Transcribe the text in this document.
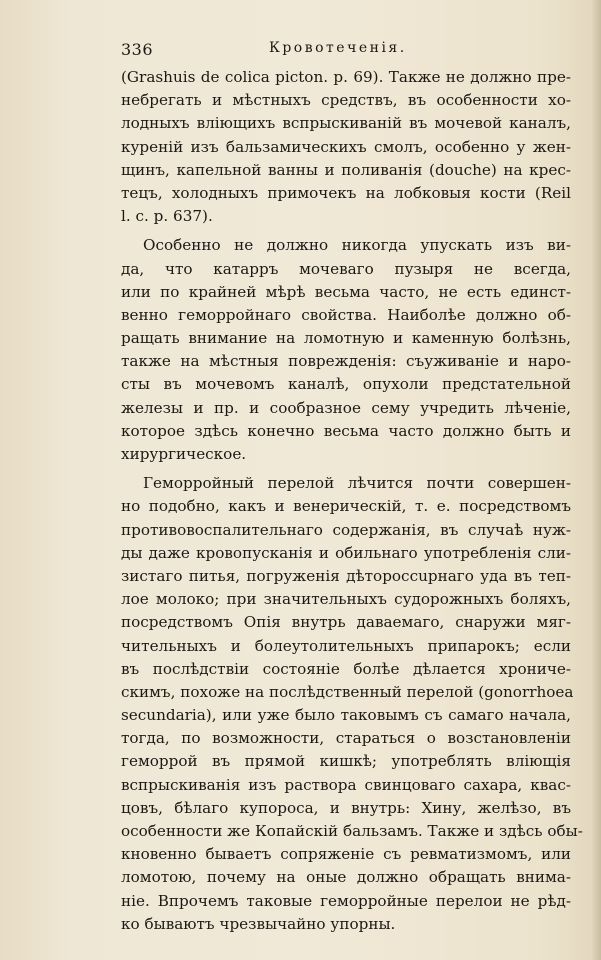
336	Кровотеченія.
(Grashuis de colica picton. p. 69). Также не должно пре-
небрегать и мѣстныхъ средствъ, въ особенности хо-
лодныхъ вліющихъ вспрыскиваній въ мочевой каналъ,
куреній изъ бальзамическихъ смолъ, особенно у жен-
щинъ, капельной ванны и поливанія (douche) на крес-
тецъ, холодныхъ примочекъ на лобковыя кости (Reil
l. c. p. 637).
Особенно не должно никогда упускать изъ ви-
да, что катарръ мочеваго пузыря не всегда,
или по крайней мѣрѣ весьма часто, не есть единст-
венно геморройнаго свойства. Наиболѣе должно об-
ращать внимание на ломотную и каменную болѣзнь,
также на мѣстныя поврежденія: съуживаніе и наро-
сты въ мочевомъ каналѣ, опухоли предстательной
железы и пр. и сообразное сему учредить лѣченіе,
которое здѣсь конечно весьма часто должно быть и
хирургическое.
Геморройный перелой лѣчится почти совершен-
но подобно, какъ и венерическій, т. е. посредствомъ
противовоспалительнаго содержанія, въ случаѣ нуж-
ды даже кровопусканія и обильнаго употребленія сли-
зистаго питья, погруженія дѣторoccupнаго уда въ теп-
лое молоко; при значительныхъ судорожныхъ боляхъ,
посредствомъ Опія внутрь даваемаго, снаружи мяг-
чительныхъ и болеутолительныхъ припарокъ; если
въ послѣдствіи состояніе болѣе дѣлается хрониче-
скимъ, похоже на послѣдственный перелой (gonorrhoea
secundaria), или уже было таковымъ съ самаго начала,
тогда, по возможности, стараться о возстановленіи
геморрой въ прямой кишкѣ; употреблять вліющія
вспрыскиванія изъ раствора свинцоваго сахара, квас-
цовъ, бѣлаго купороса, и внутрь: Хину, желѣзо, въ
особенности же Копайскій бальзамъ. Также и здѣсь обы-
кновенно бываетъ сопряженіе съ ревматизмомъ, или
ломотою, почему на оные должно обращать внима-
ніе. Впрочемъ таковые геморройные перелои не рѣд-
ко бываютъ чрезвычайно упорны.
